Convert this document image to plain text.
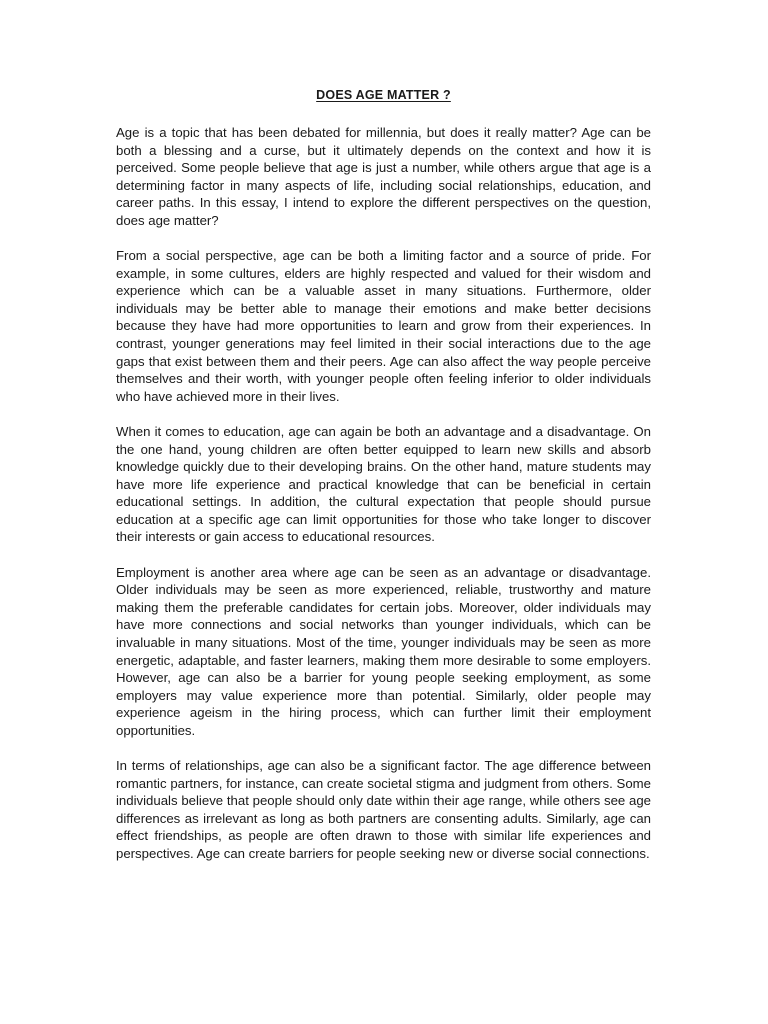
DOES AGE MATTER ?

Age is a topic that has been debated for millennia, but does it really matter? Age can be both a blessing and a curse, but it ultimately depends on the context and how it is perceived. Some people believe that age is just a number, while others argue that age is a determining factor in many aspects of life, including social relationships, education, and career paths. In this essay, I intend to explore the different perspectives on the question, does age matter?

From a social perspective, age can be both a limiting factor and a source of pride. For example, in some cultures, elders are highly respected and valued for their wisdom and experience which can be a valuable asset in many situations. Furthermore, older individuals may be better able to manage their emotions and make better decisions because they have had more opportunities to learn and grow from their experiences. In contrast, younger generations may feel limited in their social interactions due to the age gaps that exist between them and their peers. Age can also affect the way people perceive themselves and their worth, with younger people often feeling inferior to older individuals who have achieved more in their lives.

When it comes to education, age can again be both an advantage and a disadvantage. On the one hand, young children are often better equipped to learn new skills and absorb knowledge quickly due to their developing brains. On the other hand, mature students may have more life experience and practical knowledge that can be beneficial in certain educational settings. In addition, the cultural expectation that people should pursue education at a specific age can limit opportunities for those who take longer to discover their interests or gain access to educational resources.

Employment is another area where age can be seen as an advantage or disadvantage. Older individuals may be seen as more experienced, reliable, trustworthy and mature making them the preferable candidates for certain jobs. Moreover, older individuals may have more connections and social networks than younger individuals, which can be invaluable in many situations. Most of the time, younger individuals may be seen as more energetic, adaptable, and faster learners, making them more desirable to some employers. However, age can also be a barrier for young people seeking employment, as some employers may value experience more than potential. Similarly, older people may experience ageism in the hiring process, which can further limit their employment opportunities.

In terms of relationships, age can also be a significant factor. The age difference between romantic partners, for instance, can create societal stigma and judgment from others. Some individuals believe that people should only date within their age range, while others see age differences as irrelevant as long as both partners are consenting adults. Similarly, age can effect friendships, as people are often drawn to those with similar life experiences and perspectives. Age can create barriers for people seeking new or diverse social connections.
